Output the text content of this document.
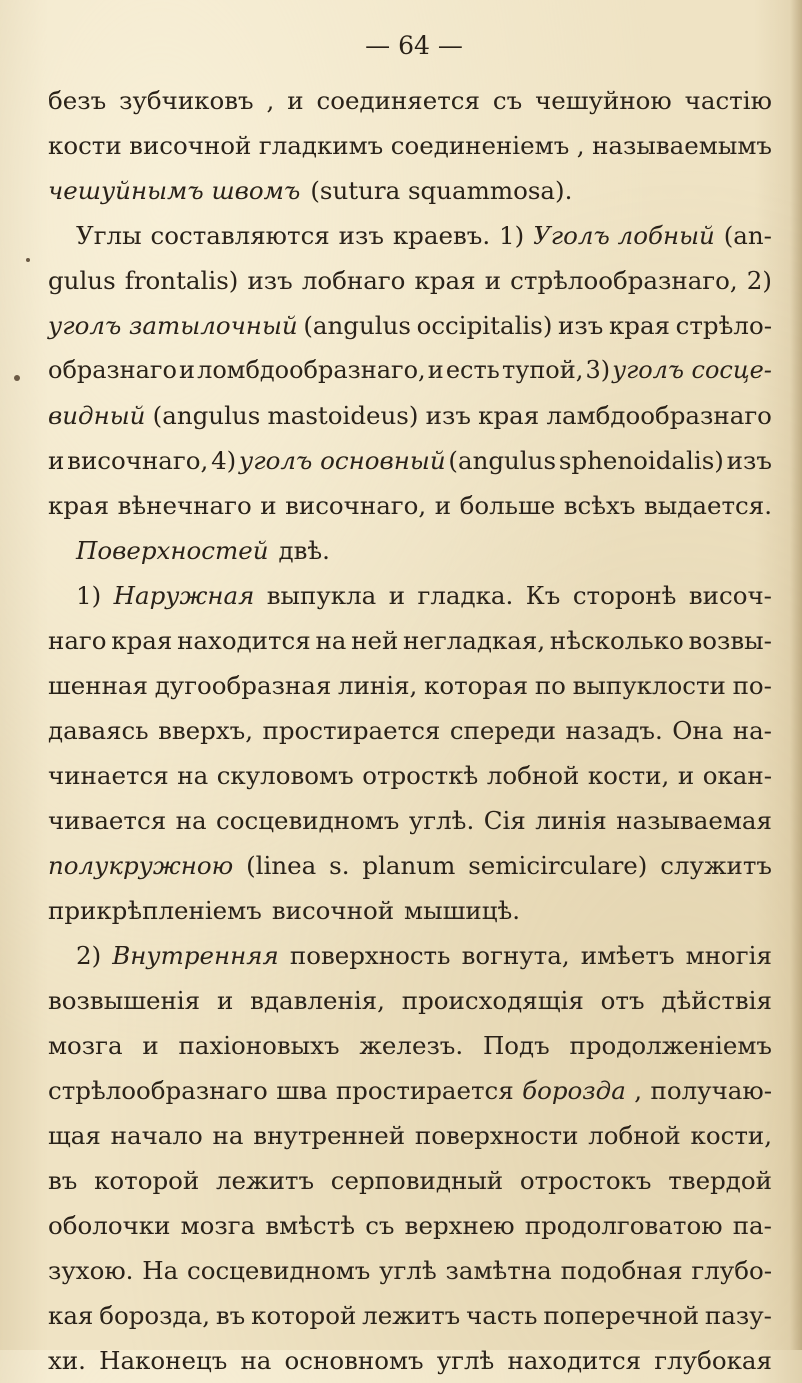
— 64 —
безъ зубчиковъ , и соединяется съ чешуйною частію
кости височной гладкимъ соединеніемъ , называемымъ
чешуйнымъ швомъ (sutura squammosa).
Углы составляются изъ краевъ. 1) Уголъ лобный (an-
gulus frontalis) изъ лобнаго края и стрѣлообразнаго, 2)
уголъ затылочный (angulus occipitalis) изъ края стрѣло-
образнаго и ломбдообразнаго, и есть тупой, 3) уголъ сосце-
видный (angulus mastoideus) изъ края ламбдообразнаго
и височнаго, 4) уголъ основный (angulus sphenoidalis) изъ
края вѣнечнаго и височнаго, и больше всѣхъ выдается.
Поверхностей двѣ.
1) Наружная выпукла и гладка. Къ сторонѣ височ-
наго края находится на ней негладкая, нѣсколько возвы-
шенная дугообразная линія, которая по выпуклости по-
даваясь вверхъ, простирается спереди назадъ. Она на-
чинается на скуловомъ отросткѣ лобной кости, и окан-
чивается на сосцевидномъ углѣ. Сія линія называемая
полукружною (linea s. planum semicirculare) служитъ
прикрѣпленіемъ височной мышицѣ.
2) Внутренняя поверхность вогнута, имѣетъ многія
возвышенія и вдавленія, происходящія отъ дѣйствія
мозга и пахіоновыхъ железъ. Подъ продолженіемъ
стрѣлообразнаго шва простирается борозда , получаю-
щая начало на внутренней поверхности лобной кости,
въ которой лежитъ серповидный отростокъ твердой
оболочки мозга вмѣстѣ съ верхнею продолговатою па-
зухою. На сосцевидномъ углѣ замѣтна подобная глубо-
кая борозда, въ которой лежитъ часть поперечной пазу-
хи. Наконецъ на основномъ углѣ находится глубокая
